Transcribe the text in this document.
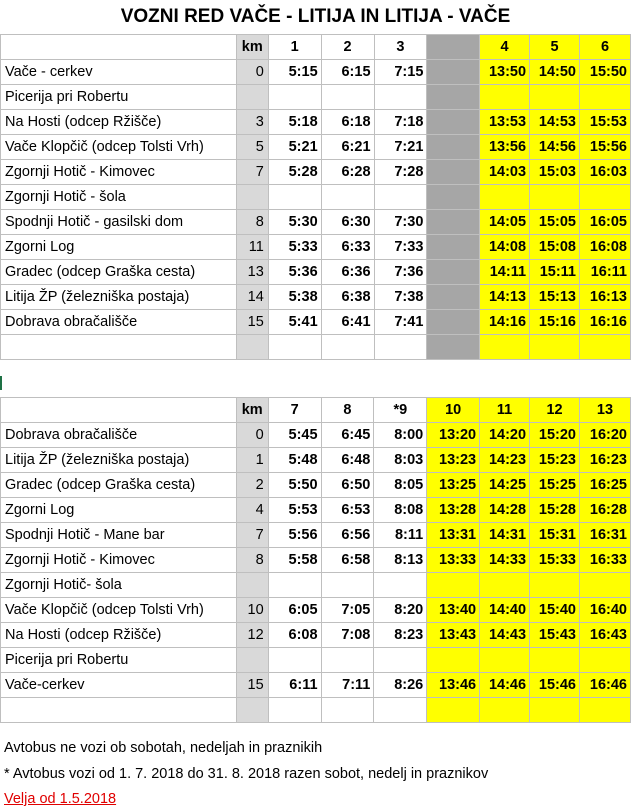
VOZNI RED VAČE - LITIJA IN LITIJA - VAČE
	km	1	2	3		4	5	6
Vače - cerkev	0	5:15	6:15	7:15		13:50	14:50	15:50
Picerija pri Robertu								
Na Hosti (odcep Ržišče)	3	5:18	6:18	7:18		13:53	14:53	15:53
Vače Klopčič (odcep Tolsti Vrh)	5	5:21	6:21	7:21		13:56	14:56	15:56
Zgornji Hotič - Kimovec	7	5:28	6:28	7:28		14:03	15:03	16:03
Zgornji Hotič - šola								
Spodnji Hotič - gasilski dom	8	5:30	6:30	7:30		14:05	15:05	16:05
Zgorni Log	11	5:33	6:33	7:33		14:08	15:08	16:08
Gradec (odcep Graška cesta)	13	5:36	6:36	7:36		14:11	15:11	16:11
Litija ŽP (železniška postaja)	14	5:38	6:38	7:38		14:13	15:13	16:13
Dobrava obračališče	15	5:41	6:41	7:41		14:16	15:16	16:16

	km	7	8	*9	10	11	12	13
Dobrava obračališče	0	5:45	6:45	8:00	13:20	14:20	15:20	16:20
Litija ŽP (železniška postaja)	1	5:48	6:48	8:03	13:23	14:23	15:23	16:23
Gradec (odcep Graška cesta)	2	5:50	6:50	8:05	13:25	14:25	15:25	16:25
Zgorni Log	4	5:53	6:53	8:08	13:28	14:28	15:28	16:28
Spodnji Hotič - Mane bar	7	5:56	6:56	8:11	13:31	14:31	15:31	16:31
Zgornji Hotič - Kimovec	8	5:58	6:58	8:13	13:33	14:33	15:33	16:33
Zgornji Hotič- šola								
Vače Klopčič (odcep Tolsti Vrh)	10	6:05	7:05	8:20	13:40	14:40	15:40	16:40
Na Hosti (odcep Ržišče)	12	6:08	7:08	8:23	13:43	14:43	15:43	16:43
Picerija pri Robertu								
Vače-cerkev	15	6:11	7:11	8:26	13:46	14:46	15:46	16:46

Avtobus ne vozi ob sobotah, nedeljah in praznikih
* Avtobus vozi od 1. 7. 2018 do 31. 8. 2018 razen sobot, nedelj in praznikov
Velja od 1.5.2018
